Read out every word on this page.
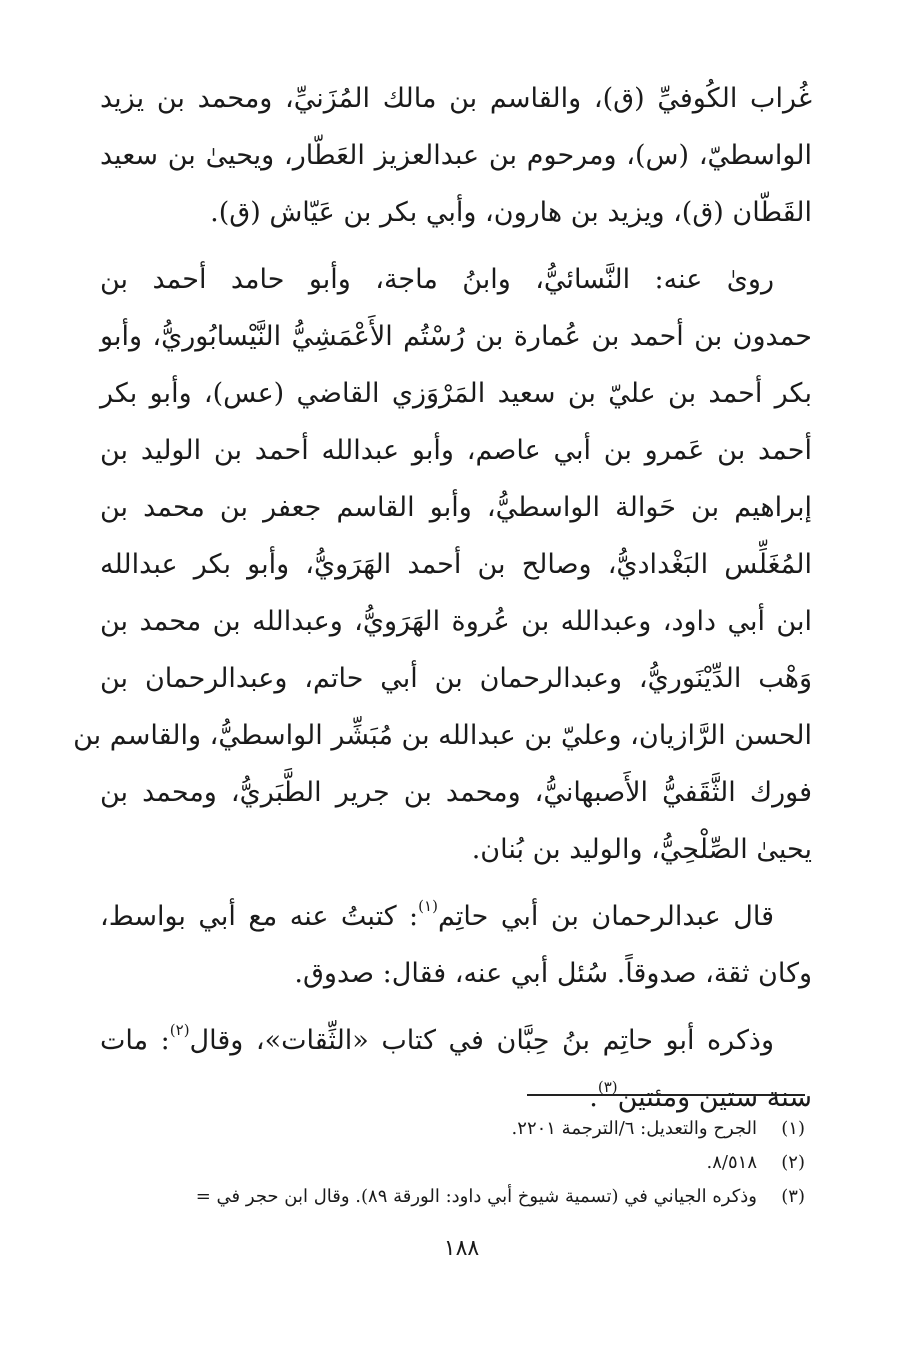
غُراب الكُوفيِّ (ق)، والقاسم بن مالك المُزَنيِّ، ومحمد بن يزيد
الواسطيّ، (س)، ومرحوم بن عبدالعزيز العَطّار، ويحيىٰ بن سعيد
القَطّان (ق)، ويزيد بن هارون، وأبي بكر بن عَيّاش (ق).
روىٰ عنه: النَّسائيُّ، وابنُ ماجة، وأبو حامد أحمد بن
حمدون بن أحمد بن عُمارة بن رُسْتُم الأَعْمَشِيُّ النَّيْسابُوريُّ، وأبو
بكر أحمد بن عليّ بن سعيد المَرْوَزي القاضي (عس)، وأبو بكر
أحمد بن عَمرو بن أبي عاصم، وأبو عبدالله أحمد بن الوليد بن
إبراهيم بن حَوالة الواسطيُّ، وأبو القاسم جعفر بن محمد بن
المُغَلِّس البَغْداديُّ، وصالح بن أحمد الهَرَويُّ، وأبو بكر عبدالله
ابن أبي داود، وعبدالله بن عُروة الهَرَويُّ، وعبدالله بن محمد بن
وَهْب الدِّيْنَوريُّ، وعبدالرحمان بن أبي حاتم، وعبدالرحمان بن
الحسن الرَّازيان، وعليّ بن عبدالله بن مُبَشِّر الواسطيُّ، والقاسم بن
فورك الثَّقَفيُّ الأَصبهانيُّ، ومحمد بن جرير الطَّبَريُّ، ومحمد بن
يحيىٰ الصِّلْحِيُّ، والوليد بن بُنان.
قال عبدالرحمان بن أبي حاتِم$^{(١)}$: كتبتُ عنه مع أبي بواسط،
وكان ثقة، صدوقاً. سُئل أبي عنه، فقال: صدوق.
وذكره أبو حاتِم بنُ حِبَّان في كتاب «الثِّقات»، وقال$^{(٢)}$: مات
سنة ستين ومئتين$^{(٣)}$.
(١)الجرح والتعديل: ٦/الترجمة ٢٢٠١.
(٢)٨/٥١٨.
(٣)وذكره الجياني في (تسمية شيوخ أبي داود: الورقة ٨٩). وقال ابن حجر في =
١٨٨
